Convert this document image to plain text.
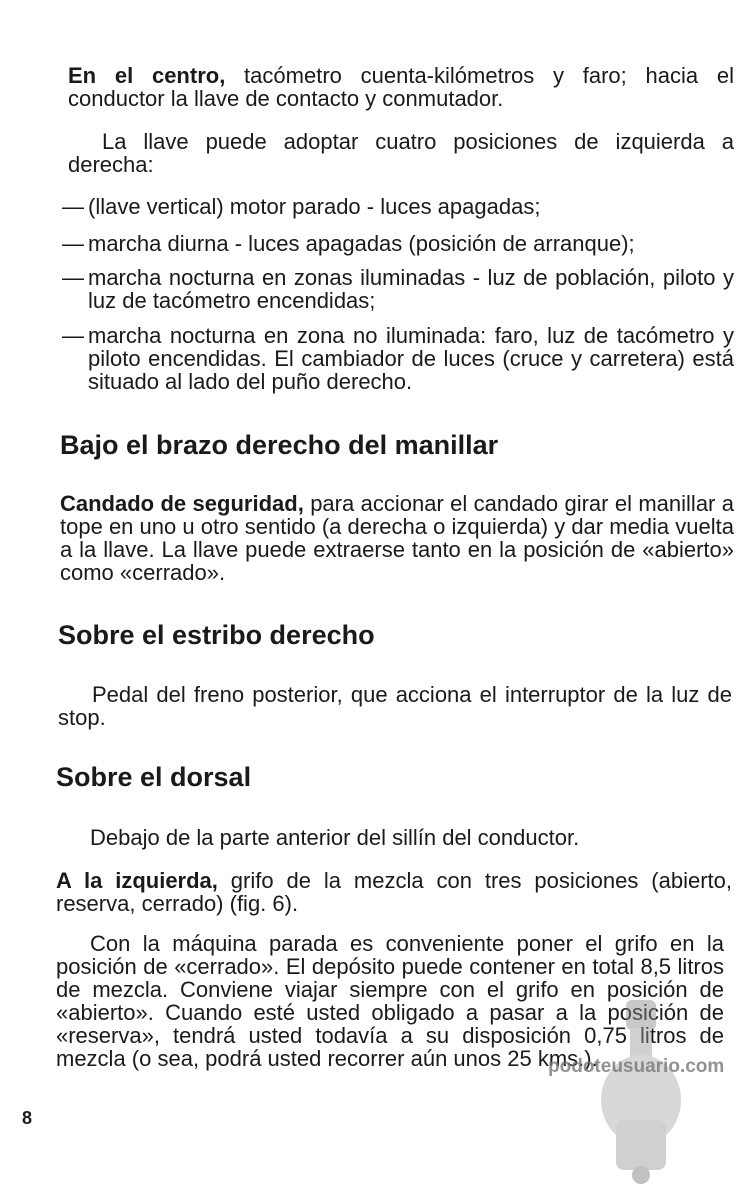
En el centro, tacómetro cuenta-kilómetros y faro; hacia el conductor la llave de contacto y conmutador.

La llave puede adoptar cuatro posiciones de izquierda a derecha:

— (llave vertical) motor parado - luces apagadas;

— marcha diurna - luces apagadas (posición de arranque);

— marcha nocturna en zonas iluminadas - luz de población, piloto y luz de tacómetro encendidas;

— marcha nocturna en zona no iluminada: faro, luz de tacómetro y piloto encendidas. El cambiador de luces (cruce y carretera) está situado al lado del puño derecho.

Bajo el brazo derecho del manillar

Candado de seguridad, para accionar el candado girar el manillar a tope en uno u otro sentido (a derecha o izquierda) y dar media vuelta a la llave. La llave puede extraerse tanto en la posición de «abierto» como «cerrado».

Sobre el estribo derecho

Pedal del freno posterior, que acciona el interruptor de la luz de stop.

Sobre el dorsal

Debajo de la parte anterior del sillín del conductor.

A la izquierda, grifo de la mezcla con tres posiciones (abierto, reserva, cerrado) (fig. 6).

Con la máquina parada es conveniente poner el grifo en la posición de «cerrado». El depósito puede contener en total 8,5 litros de mezcla. Conviene viajar siempre con el grifo en posición de «abierto». Cuando esté usted obligado a pasar a la posición de «reserva», tendrá usted todavía a su disposición 0,75 litros de mezcla (o sea, podrá usted recorrer aún unos 25 kms.).

8
podoteusuario.com
